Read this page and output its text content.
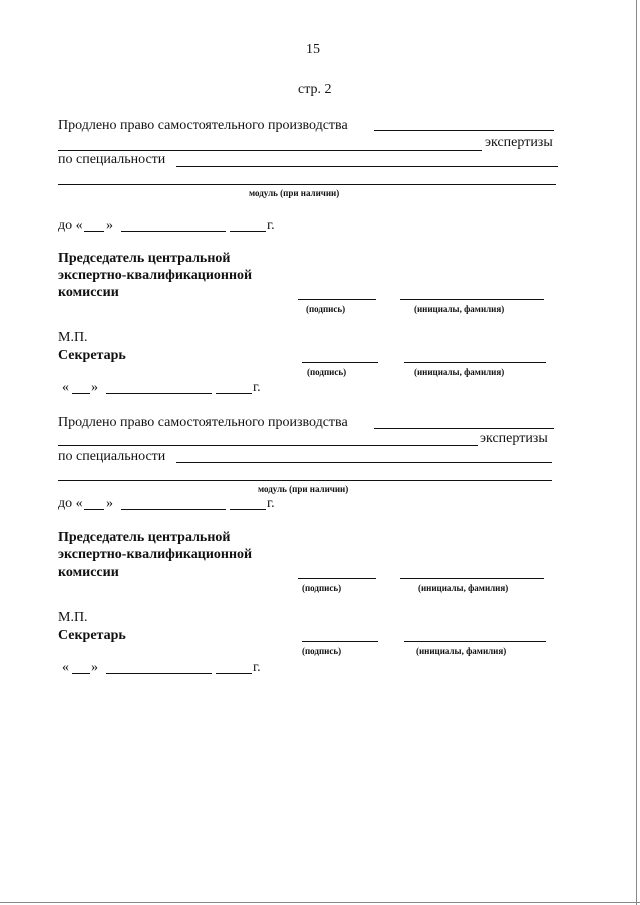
15
стр. 2
Продлено право самостоятельного производства
экспертизы
по специальности
модуль (при наличии)
до « »	г.
Председатель центральной
экспертно-квалификационной
комиссии
(подпись)	(инициалы, фамилия)
М.П.
Секретарь
(подпись)	(инициалы, фамилия)
« »	г.
Продлено право самостоятельного производства
экспертизы
по специальности
модуль (при наличии)
до « »	г.
Председатель центральной
экспертно-квалификационной
комиссии
(подпись)	(инициалы, фамилия)
М.П.
Секретарь
(подпись)	(инициалы, фамилия)
« »	г.
